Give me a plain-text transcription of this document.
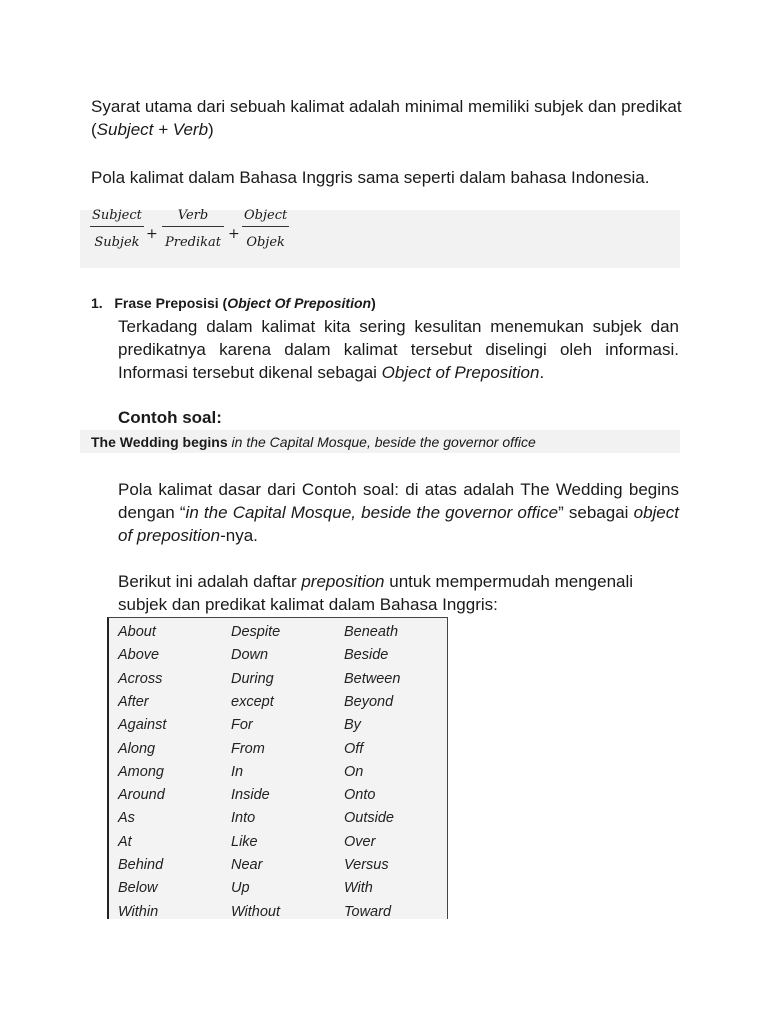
Syarat utama dari sebuah kalimat adalah minimal memiliki subjek dan predikat
(Subject + Verb)
Pola kalimat dalam Bahasa Inggris sama seperti dalam bahasa Indonesia.
Subject
Subjek
+
Verb
Predikat
+
Object
Objek
1. Frase Preposisi (Object Of Preposition)
Terkadang dalam kalimat kita sering kesulitan menemukan subjek dan predikatnya karena dalam kalimat tersebut diselingi oleh informasi. Informasi tersebut dikenal sebagai Object of Preposition.
Contoh soal:
The Wedding begins in the Capital Mosque, beside the governor office
Pola kalimat dasar dari Contoh soal: di atas adalah The Wedding begins dengan “in the Capital Mosque, beside the governor office” sebagai object of preposition-nya.
Berikut ini adalah daftar preposition untuk mempermudah mengenali subjek dan predikat kalimat dalam Bahasa Inggris:
About	Despite	Beneath
Above	Down	Beside
Across	During	Between
After	except	Beyond
Against	For	By
Along	From	Off
Among	In	On
Around	Inside	Onto
As	Into	Outside
At	Like	Over
Behind	Near	Versus
Below	Up	With
Within	Without	Toward
